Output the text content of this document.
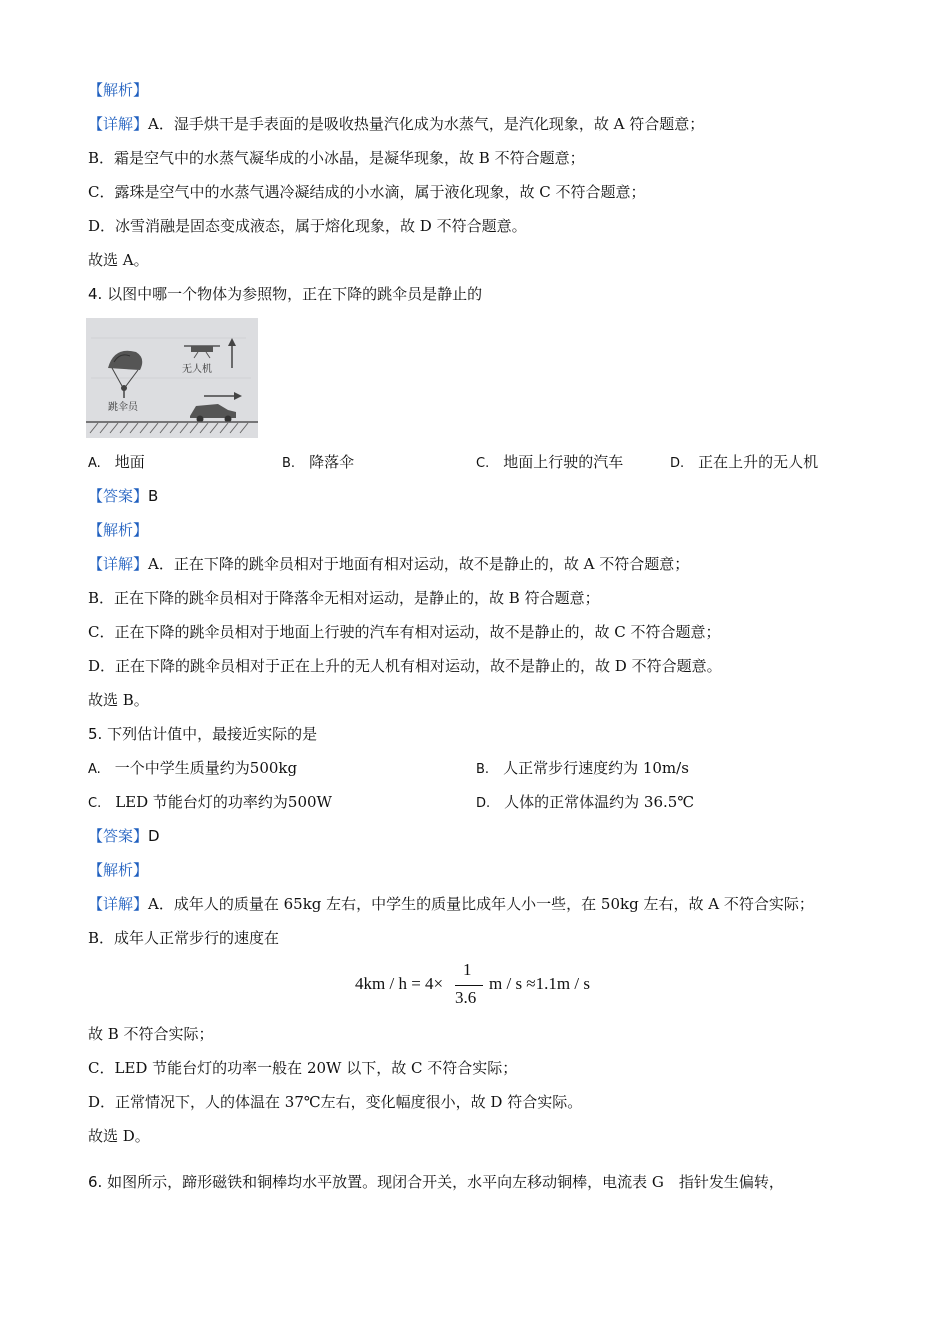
【解析】
【详解】A．湿手烘干是手表面的是吸收热量汽化成为水蒸气，是汽化现象，故 A 符合题意；
B．霜是空气中的水蒸气凝华成的小冰晶，是凝华现象，故 B 不符合题意；
C．露珠是空气中的水蒸气遇冷凝结成的小水滴，属于液化现象，故 C 不符合题意；
D．冰雪消融是固态变成液态，属于熔化现象，故 D 不符合题意。
故选 A。
4. 以图中哪一个物体为参照物，正在下降的跳伞员是静止的
无人机
跳伞员
A. 地面	B. 降落伞	C. 地面上行驶的汽车	D. 正在上升的无人机
【答案】B
【解析】
【详解】A．正在下降的跳伞员相对于地面有相对运动，故不是静止的，故 A 不符合题意；
B．正在下降的跳伞员相对于降落伞无相对运动，是静止的，故 B 符合题意；
C．正在下降的跳伞员相对于地面上行驶的汽车有相对运动，故不是静止的，故 C 不符合题意；
D．正在下降的跳伞员相对于正在上升的无人机有相对运动，故不是静止的，故 D 不符合题意。
故选 B。
5. 下列估计值中，最接近实际的是
A. 一个中学生质量约为500kg	B. 人正常步行速度约为 10m/s
C. LED 节能台灯的功率约为500W	D. 人体的正常体温约为 36.5℃
【答案】D
【解析】
【详解】A．成年人的质量在 65kg 左右，中学生的质量比成年人小一些，在 50kg 左右，故 A 不符合实际；
B．成年人正常步行的速度在
4km / h = 4×
1
3.6
m / s ≈1.1m / s
故 B 不符合实际；
C．LED 节能台灯的功率一般在 20W 以下，故 C 不符合实际；
D．正常情况下，人的体温在 37℃左右，变化幅度很小，故 D 符合实际。
故选 D。
6. 如图所示，蹄形磁铁和铜棒均水平放置。现闭合开关，水平向左移动铜棒，电流表 G　指针发生偏转，
